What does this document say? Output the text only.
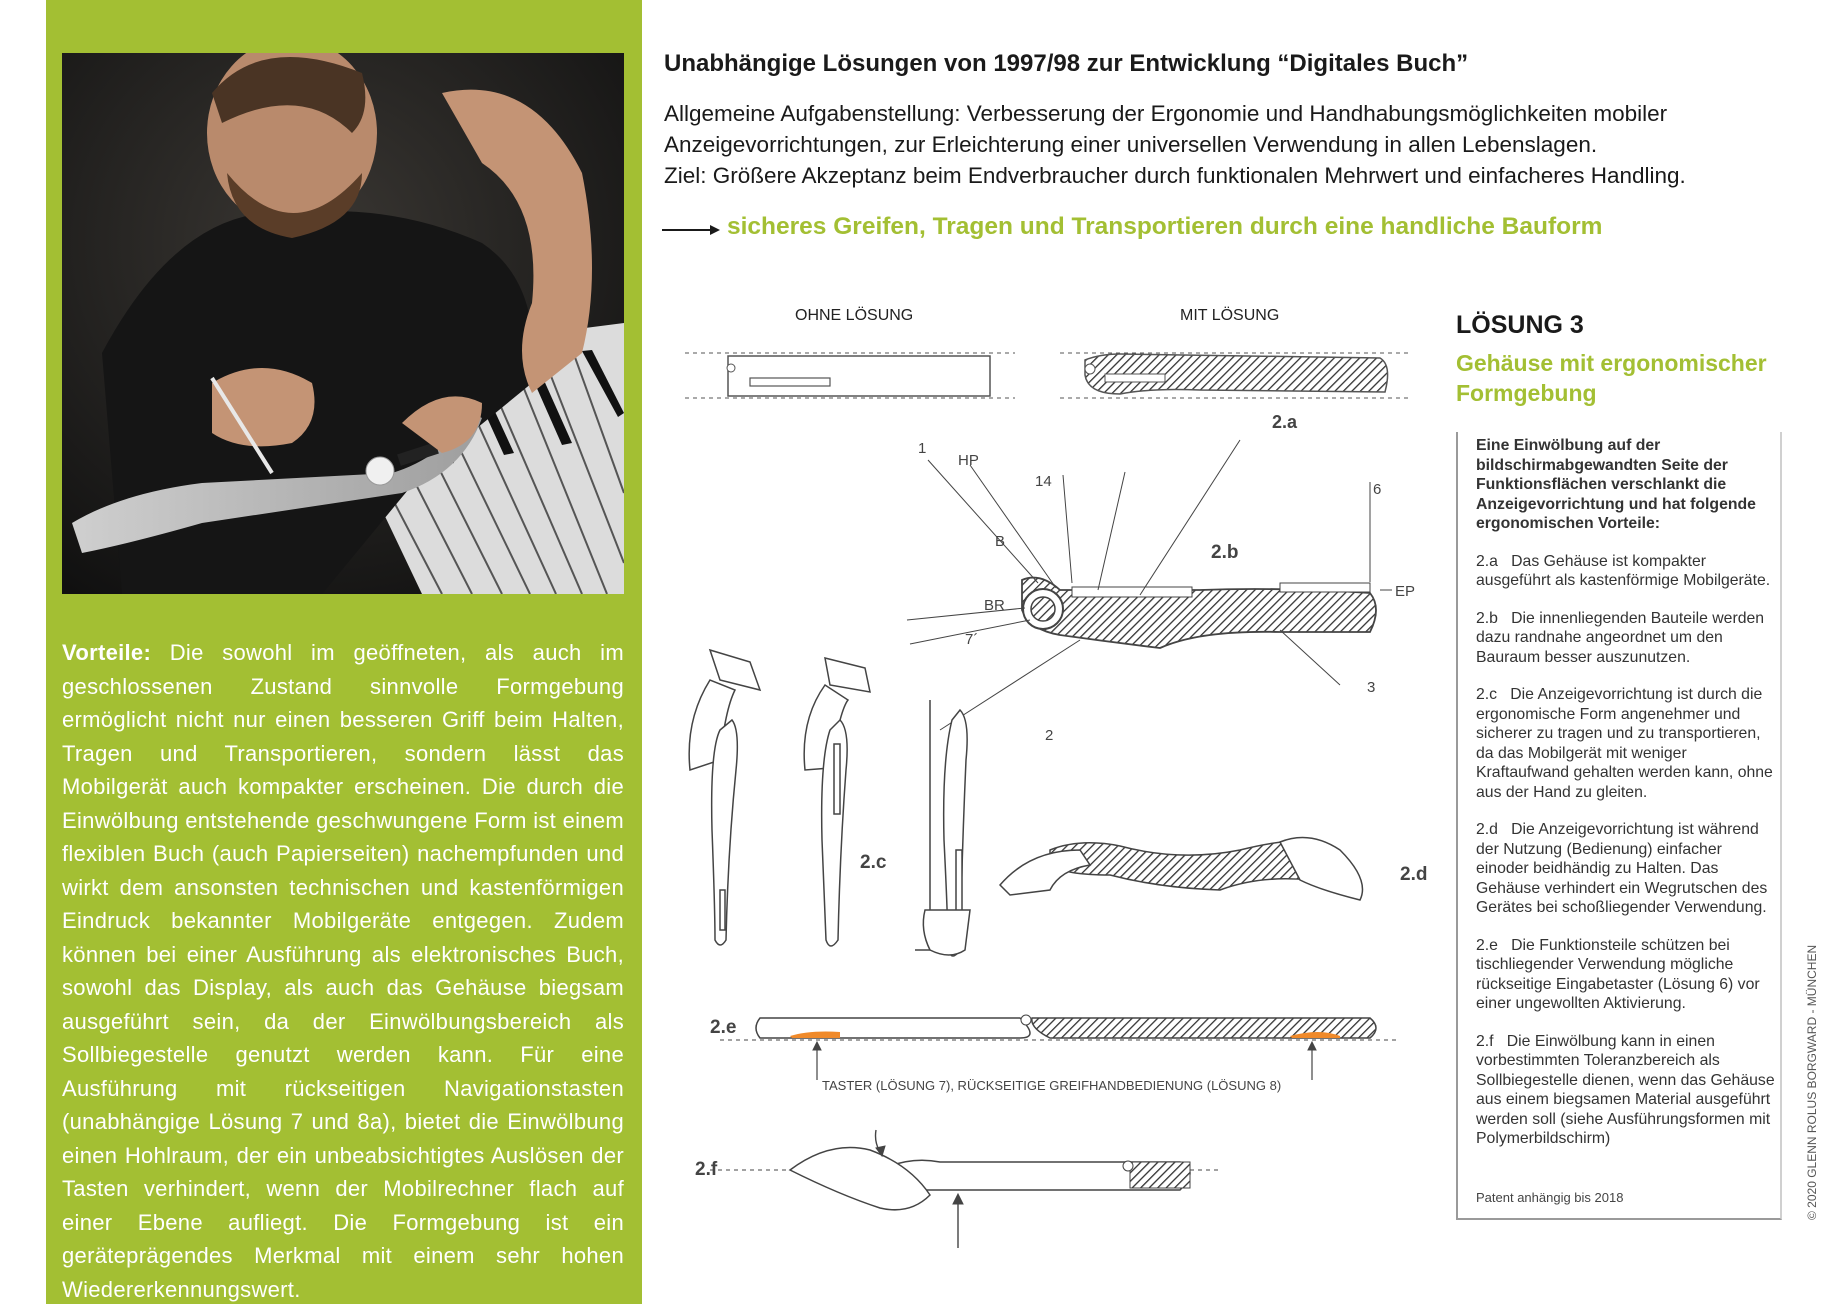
Vorteile: Die sowohl im geöffneten, als auch im geschlossenen Zustand sinnvolle Formgebung ermöglicht nicht nur einen besseren Griff beim Halten, Tragen und Transportieren, sondern lässt das Mobilgerät auch kompakter erscheinen. Die durch die Einwölbung entstehende geschwungene Form ist einem flexiblen Buch (auch Papierseiten) nachempfunden und wirkt dem ansonsten technischen und kastenförmigen Eindruck bekannter Mobilgeräte entgegen. Zudem können bei einer Ausführung als elektronisches Buch, sowohl das Display, als auch das Gehäuse biegsam ausgeführt sein, da der Einwölbungsbereich als Sollbiegestelle genutzt werden kann. Für eine Ausführung mit rückseitigen Navigationstasten (unabhängige Lösung 7 und 8a), bietet die Einwölbung einen Hohlraum, der ein unbeabsichtigtes Auslösen der Tasten verhindert, wenn der Mobilrechner flach auf einer Ebene aufliegt. Die Formgebung ist ein geräteprägendes Merkmal mit einem sehr hohen Wiedererkennungswert.
Unabhängige Lösungen von 1997/98 zur Entwicklung “Digitales Buch”
Allgemeine Aufgabenstellung: Verbesserung der Ergonomie und Handhabungsmöglichkeiten mobiler
Anzeigevorrichtungen, zur Erleichterung einer universellen Verwendung in allen Lebenslagen.
Ziel: Größere Akzeptanz beim Endverbraucher durch funktionalen Mehrwert und einfacheres Handling.
sicheres Greifen, Tragen und Transportieren durch eine handliche Bauform
OHNE LÖSUNG	MIT LÖSUNG
2.a
1
HP
14	6
B
2.b
EP
BR
7´
3
2
2.c
2.d
2.e
TASTER (LÖSUNG 7), RÜCKSEITIGE GREIFHANDBEDIENUNG (LÖSUNG 8)
2.f
LÖSUNG 3
Gehäuse mit ergonomischer
Formgebung
Eine Einwölbung auf der bildschirmabgewandten Seite der Funktionsflächen verschlankt die Anzeigevorrichtung und hat folgende ergonomischen Vorteile:
2.a Das Gehäuse ist kompakter ausgeführt als kastenförmige Mobilgeräte.
2.b Die innenliegenden Bauteile werden dazu randnahe angeordnet um den Bauraum besser auszunutzen.
2.c Die Anzeigevorrichtung ist durch die ergonomische Form angenehmer und sicherer zu tragen und zu transportieren, da das Mobilgerät mit weniger Kraftaufwand gehalten werden kann, ohne aus der Hand zu gleiten.
2.d Die Anzeigevorrichtung ist während der Nutzung (Bedienung) einfacher einoder beidhändig zu Halten. Das Gehäuse verhindert ein Wegrutschen des Gerätes bei schoßliegender Verwendung.
2.e Die Funktionsteile schützen bei tischliegender Verwendung mögliche rückseitige Eingabetaster (Lösung 6) vor einer ungewollten Aktivierung.
2.f Die Einwölbung kann in einen vorbestimmten Toleranzbereich als Sollbiegestelle dienen, wenn das Gehäuse aus einem biegsamen Material ausgeführt werden soll (siehe Ausführungsformen mit Polymerbildschirm)
Patent anhängig bis 2018	© 2020 GLENN ROLUS BORGWARD - MÜNCHEN
